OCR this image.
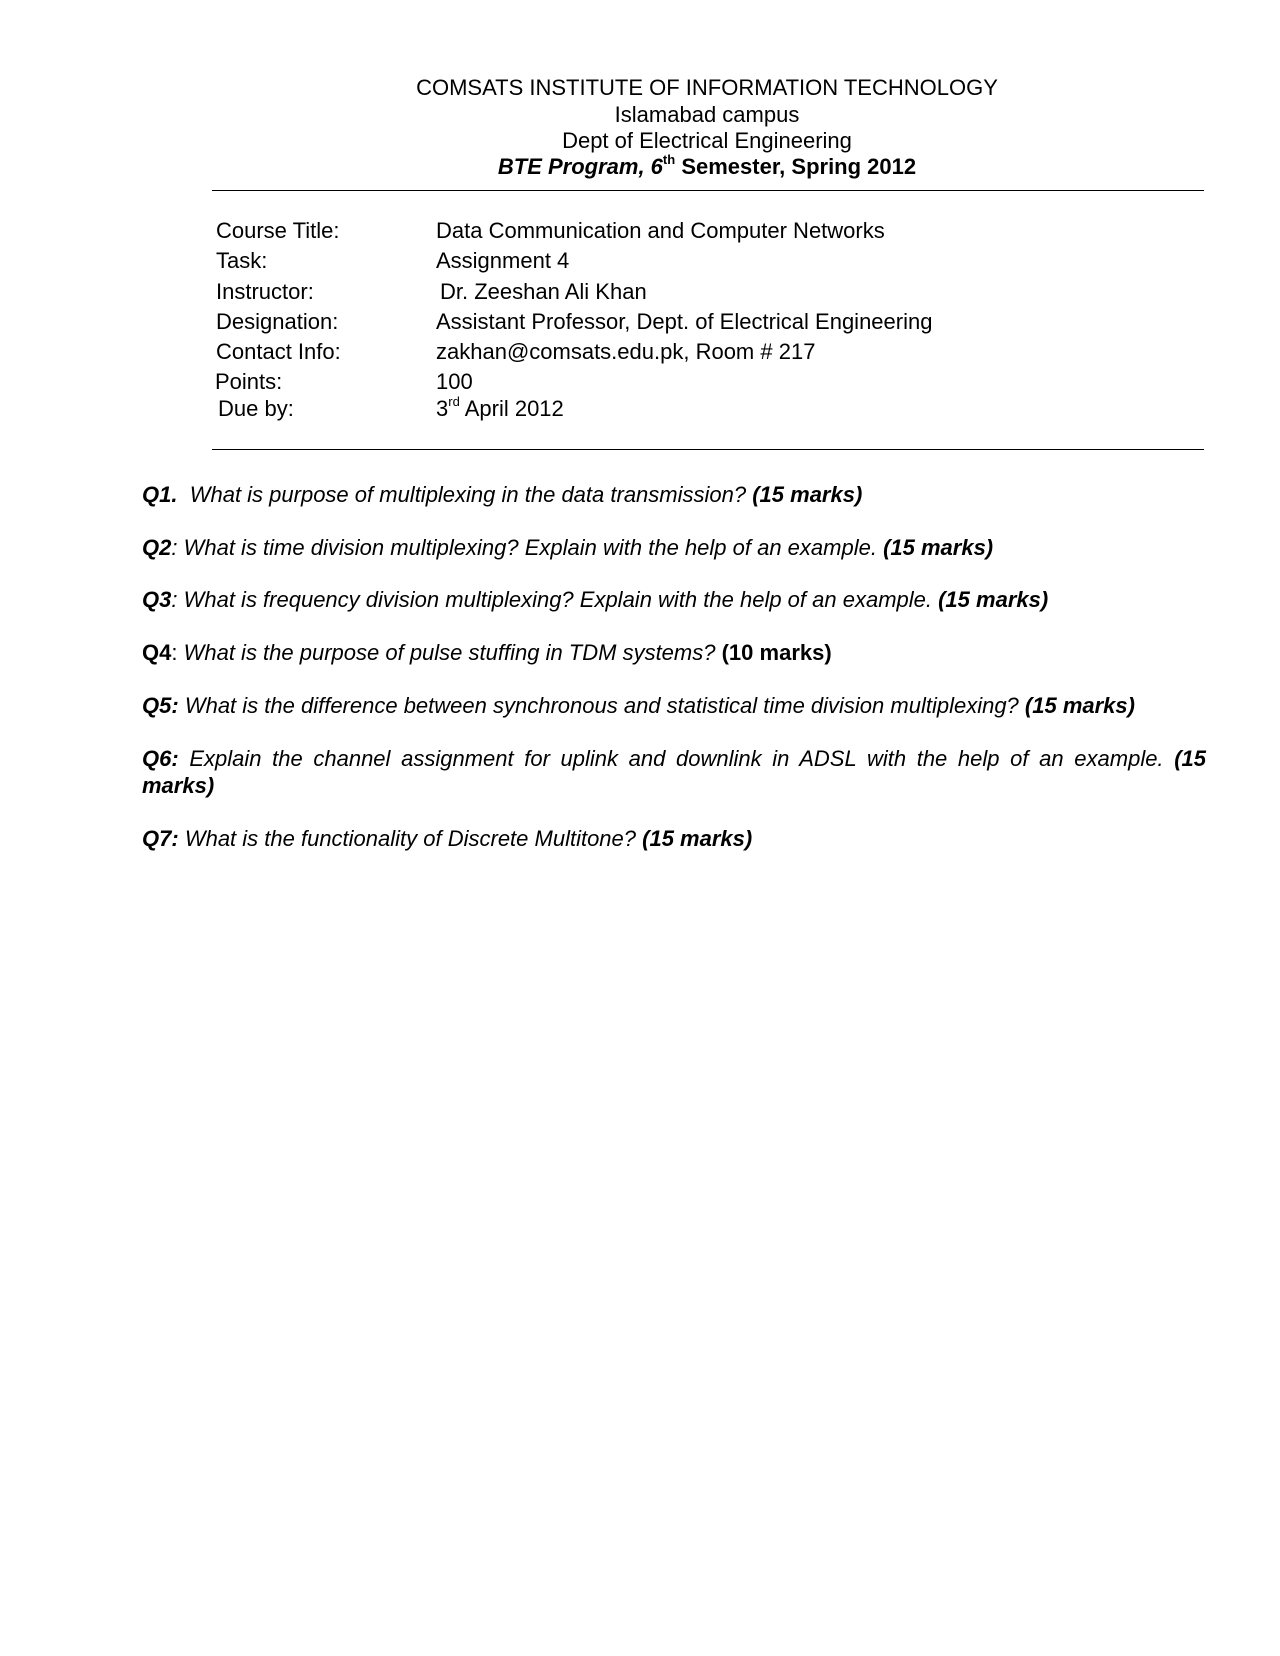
COMSATS INSTITUTE OF INFORMATION TECHNOLOGY
Islamabad campus
Dept of Electrical Engineering
BTE Program, 6th Semester, Spring 2012
Course Title:	Data Communication and Computer Networks
Task:	Assignment 4
Instructor:	Dr. Zeeshan Ali Khan
Designation:	Assistant Professor, Dept. of Electrical Engineering
Contact Info:	zakhan@comsats.edu.pk, Room # 217
Points:	100
Due by:	3rd April 2012
Q1. What is purpose of multiplexing in the data transmission? (15 marks)
Q2: What is time division multiplexing? Explain with the help of an example. (15 marks)
Q3: What is frequency division multiplexing? Explain with the help of an example. (15 marks)
Q4: What is the purpose of pulse stuffing in TDM systems? (10 marks)
Q5: What is the difference between synchronous and statistical time division multiplexing? (15 marks)
Q6: Explain the channel assignment for uplink and downlink in ADSL with the help of an example. (15 marks)
Q7: What is the functionality of Discrete Multitone? (15 marks)
